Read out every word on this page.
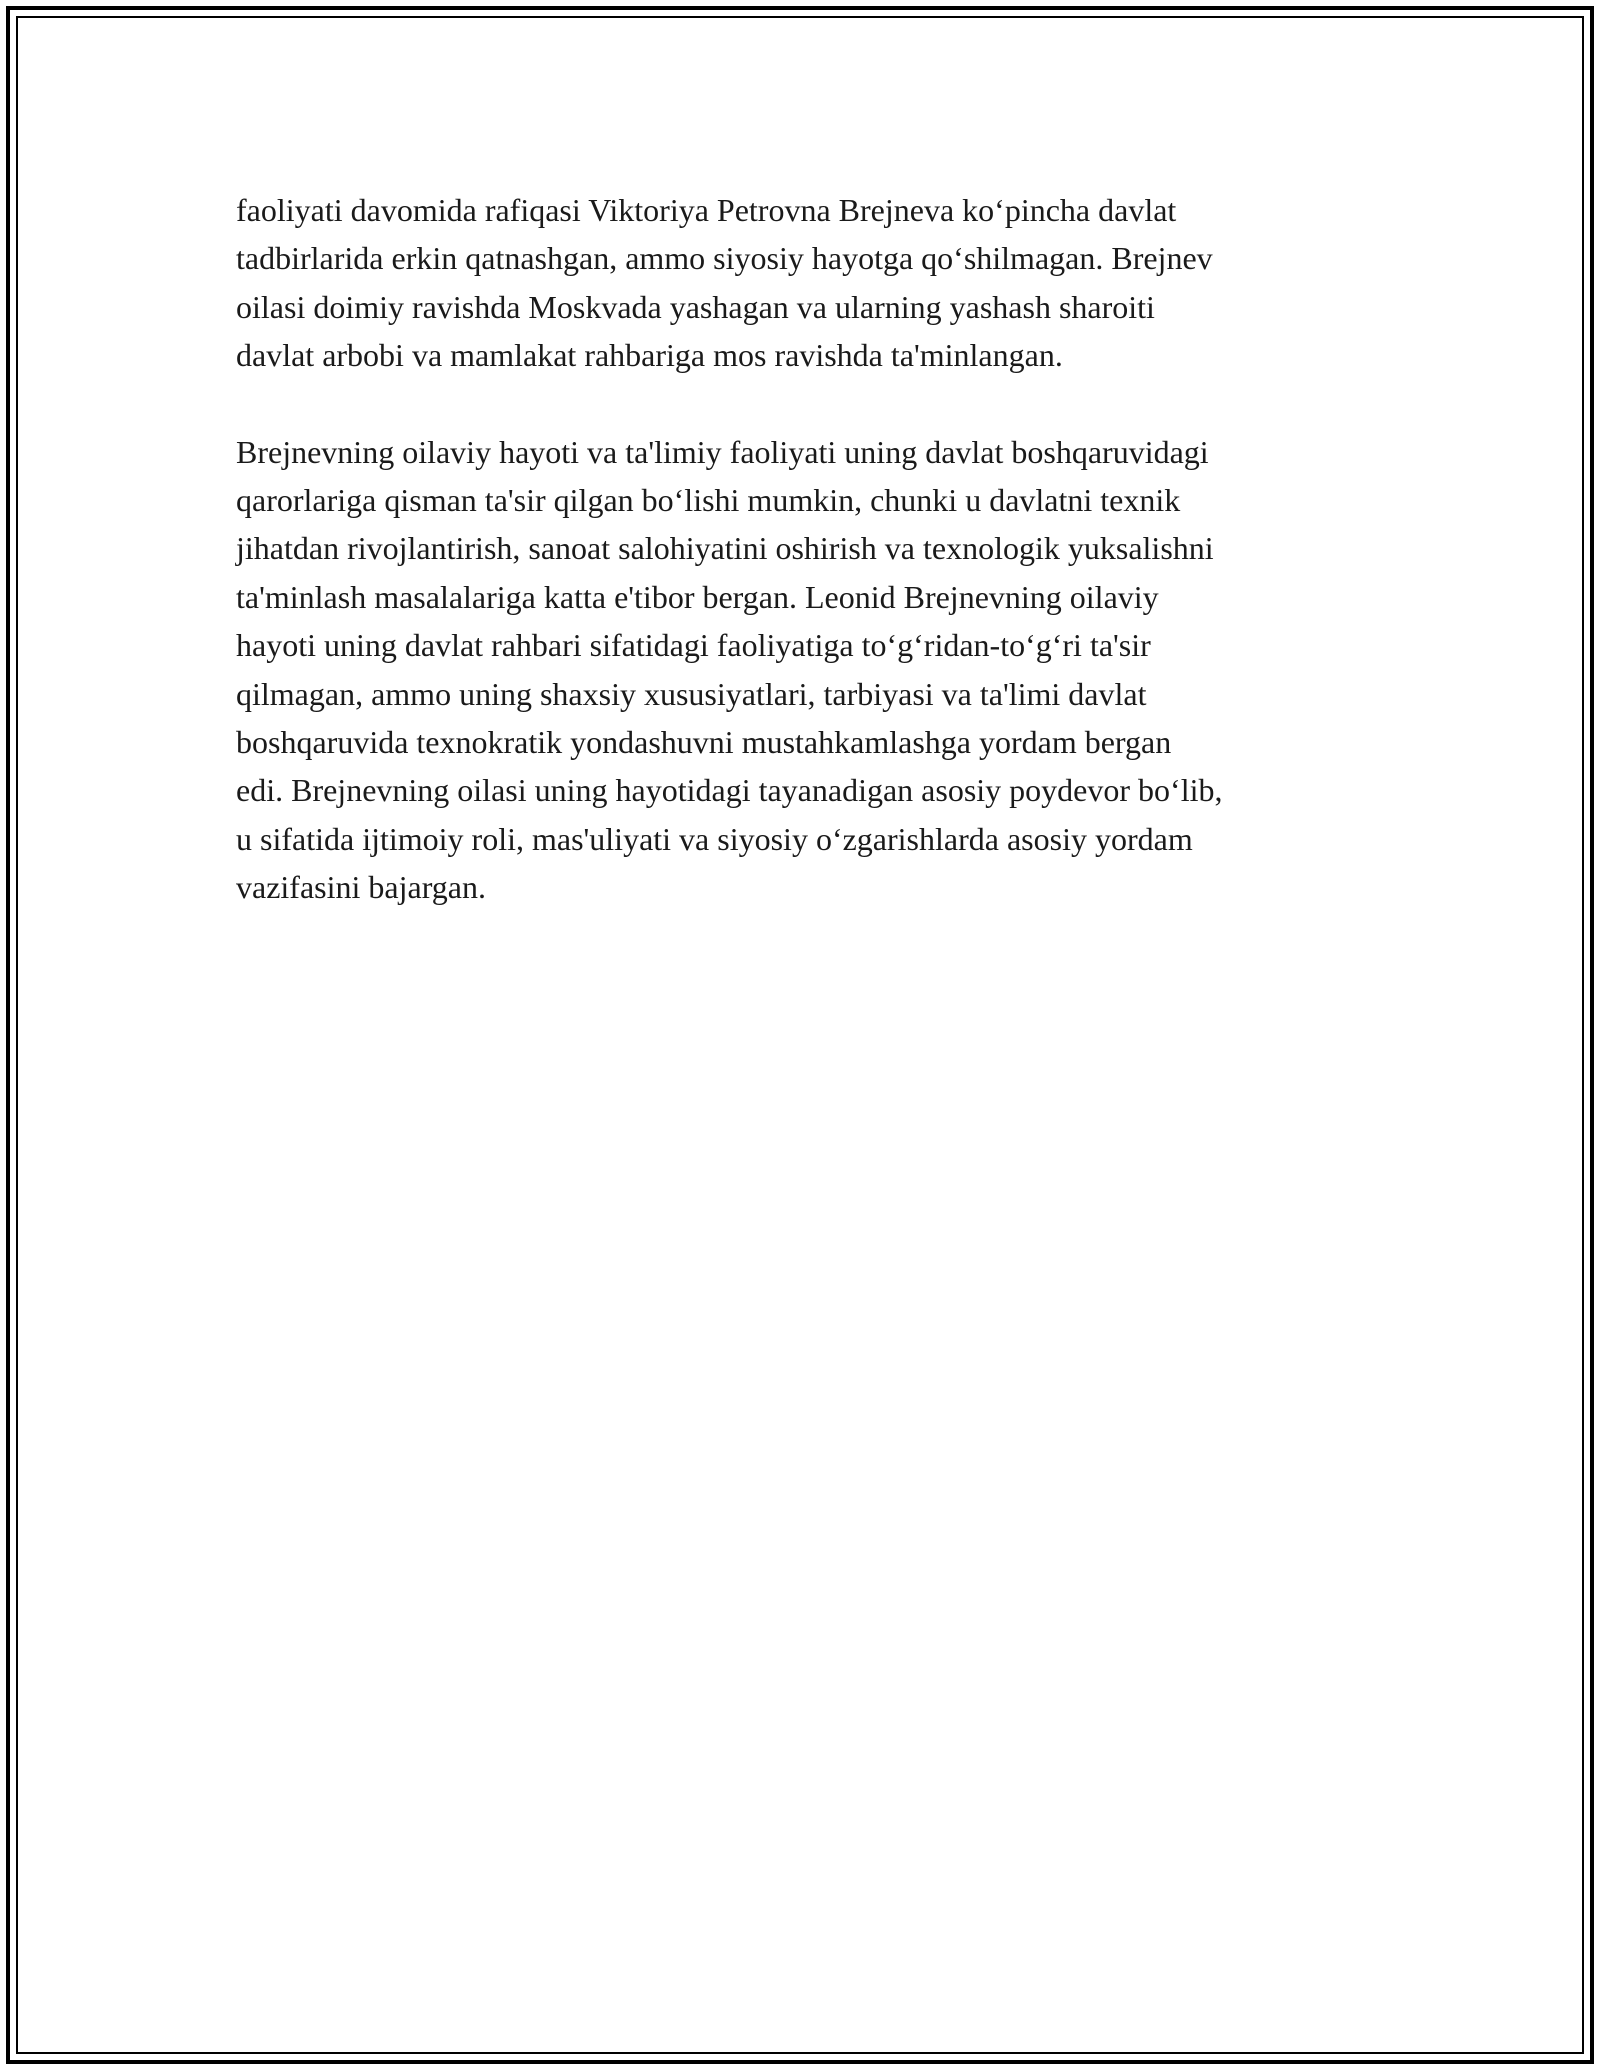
faoliyati davomida rafiqasi Viktoriya Petrovna Brejneva ko‘pincha davlat
tadbirlarida erkin qatnashgan, ammo siyosiy hayotga qo‘shilmagan. Brejnev
oilasi doimiy ravishda Moskvada yashagan va ularning yashash sharoiti
davlat arbobi va mamlakat rahbariga mos ravishda ta'minlangan.

Brejnevning oilaviy hayoti va ta'limiy faoliyati uning davlat boshqaruvidagi
qarorlariga qisman ta'sir qilgan bo‘lishi mumkin, chunki u davlatni texnik
jihatdan rivojlantirish, sanoat salohiyatini oshirish va texnologik yuksalishni
ta'minlash masalalariga katta e'tibor bergan. Leonid Brejnevning oilaviy
hayoti uning davlat rahbari sifatidagi faoliyatiga to‘g‘ridan-to‘g‘ri ta'sir
qilmagan, ammo uning shaxsiy xususiyatlari, tarbiyasi va ta'limi davlat
boshqaruvida texnokratik yondashuvni mustahkamlashga yordam bergan
edi. Brejnevning oilasi uning hayotidagi tayanadigan asosiy poydevor bo‘lib,
u sifatida ijtimoiy roli, mas'uliyati va siyosiy o‘zgarishlarda asosiy yordam
vazifasini bajargan.
